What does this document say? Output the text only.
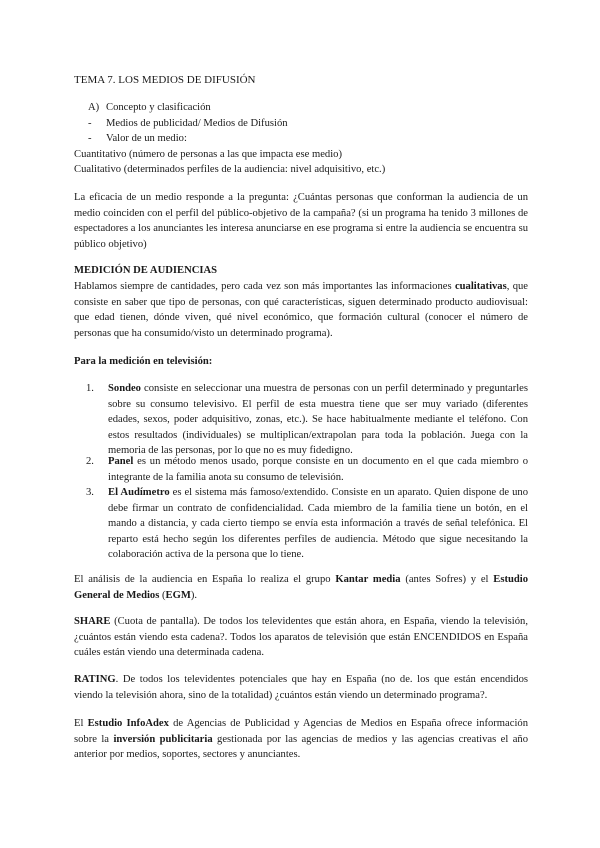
TEMA 7. LOS MEDIOS DE DIFUSIÓN

A) Concepto y clasificación
- Medios de publicidad/ Medios de Difusión
- Valor de un medio:

Cuantitativo (número de personas a las que impacta ese medio)

Cualitativo (determinados perfiles de la audiencia: nivel adquisitivo, etc.)

La eficacia de un medio responde a la pregunta: ¿Cuántas personas que conforman la audiencia de un medio coinciden con el perfil del público-objetivo de la campaña? (si un programa ha tenido 3 millones de espectadores a los anunciantes les interesa anunciarse en ese programa si entre la audiencia se encuentra su público objetivo)

MEDICIÓN DE AUDIENCIAS

Hablamos siempre de cantidades, pero cada vez son más importantes las informaciones cualitativas, que consiste en saber que tipo de personas, con qué características, siguen determinado producto audiovisual: que edad tienen, dónde viven, qué nivel económico, que formación cultural (conocer el número de personas que ha consumido/visto un determinado programa).

Para la medición en televisión:

1. Sondeo consiste en seleccionar una muestra de personas con un perfil determinado y preguntarles sobre su consumo televisivo. El perfil de esta muestra tiene que ser muy variado (diferentes edades, sexos, poder adquisitivo, zonas, etc.). Se hace habitualmente mediante el teléfono. Con estos resultados (individuales) se multiplican/extrapolan para toda la población. Juega con la memoria de las personas, por lo que no es muy fidedigno.
2. Panel es un método menos usado, porque consiste en un documento en el que cada miembro o integrante de la familia anota su consumo de televisión.
3. El Audímetro es el sistema más famoso/extendido. Consiste en un aparato. Quien dispone de uno debe firmar un contrato de confidencialidad. Cada miembro de la familia tiene un botón, en el mando a distancia, y cada cierto tiempo se envía esta información a través de señal telefónica. El reparto está hecho según los diferentes perfiles de audiencia. Método que sigue necesitando la colaboración activa de la persona que lo tiene.

El análisis de la audiencia en España lo realiza el grupo Kantar media (antes Sofres) y el Estudio General de Medios (EGM).

SHARE (Cuota de pantalla). De todos los televidentes que están ahora, en España, viendo la televisión, ¿cuántos están viendo esta cadena?. Todos los aparatos de televisión que están ENCENDIDOS en España cuáles están viendo una determinada cadena.

RATING. De todos los televidentes potenciales que hay en España (no de. los que están encendidos viendo la televisión ahora, sino de la totalidad) ¿cuántos están viendo un determinado programa?.

El Estudio InfoAdex de Agencias de Publicidad y Agencias de Medios en España ofrece información sobre la inversión publicitaria gestionada por las agencias de medios y las agencias creativas el año anterior por medios, soportes, sectores y anunciantes.
